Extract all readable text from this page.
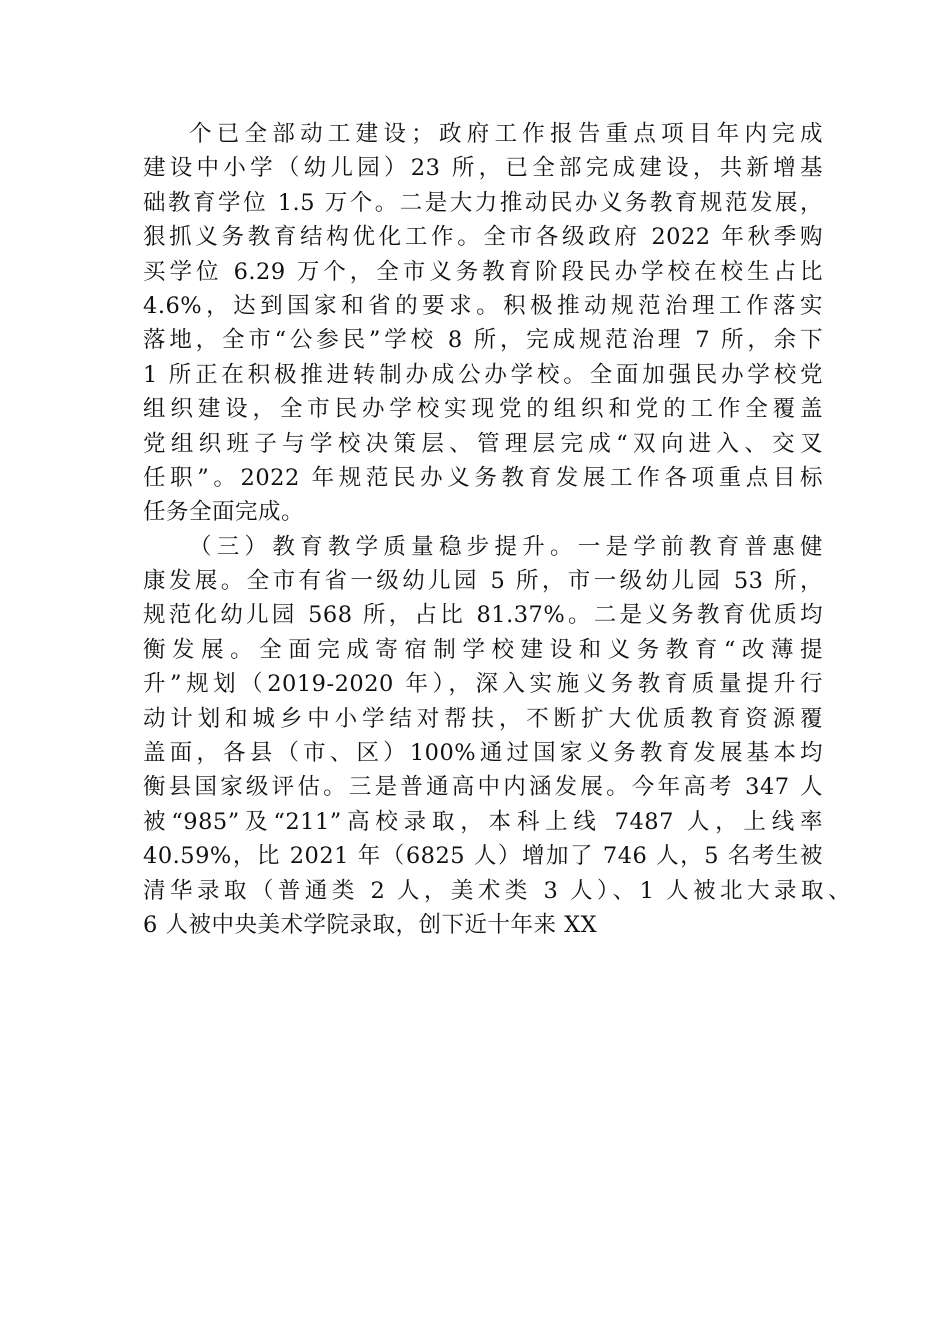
个已全部动工建设；政府工作报告重点项目年内完成
建设中小学（幼儿园）23 所，已全部完成建设，共新增基
础教育学位 1.5 万个。二是大力推动民办义务教育规范发展，
狠抓义务教育结构优化工作。全市各级政府 2022 年秋季购
买学位 6.29 万个，全市义务教育阶段民办学校在校生占比
4.6%，达到国家和省的要求。积极推动规范治理工作落实
落地，全市“公参民”学校 8 所，完成规范治理 7 所，余下
1 所正在积极推进转制办成公办学校。全面加强民办学校党
组织建设，全市民办学校实现党的组织和党的工作全覆盖
党组织班子与学校决策层、管理层完成“双向进入、交叉
任职”。2022 年规范民办义务教育发展工作各项重点目标
任务全面完成。
（三）教育教学质量稳步提升。一是学前教育普惠健
康发展。全市有省一级幼儿园 5 所，市一级幼儿园 53 所，
规范化幼儿园 568 所，占比 81.37%。二是义务教育优质均
衡发展。全面完成寄宿制学校建设和义务教育“改薄提
升”规划（2019-2020 年），深入实施义务教育质量提升行
动计划和城乡中小学结对帮扶，不断扩大优质教育资源覆
盖面，各县（市、区）100%通过国家义务教育发展基本均
衡县国家级评估。三是普通高中内涵发展。今年高考 347 人
被“985”及“211”高校录取，本科上线 7487 人，上线率
40.59%，比 2021 年（6825 人）增加了 746 人，5 名考生被
清华录取（普通类 2 人，美术类 3 人）、1 人被北大录取、
6 人被中央美术学院录取，创下近十年来 XX
